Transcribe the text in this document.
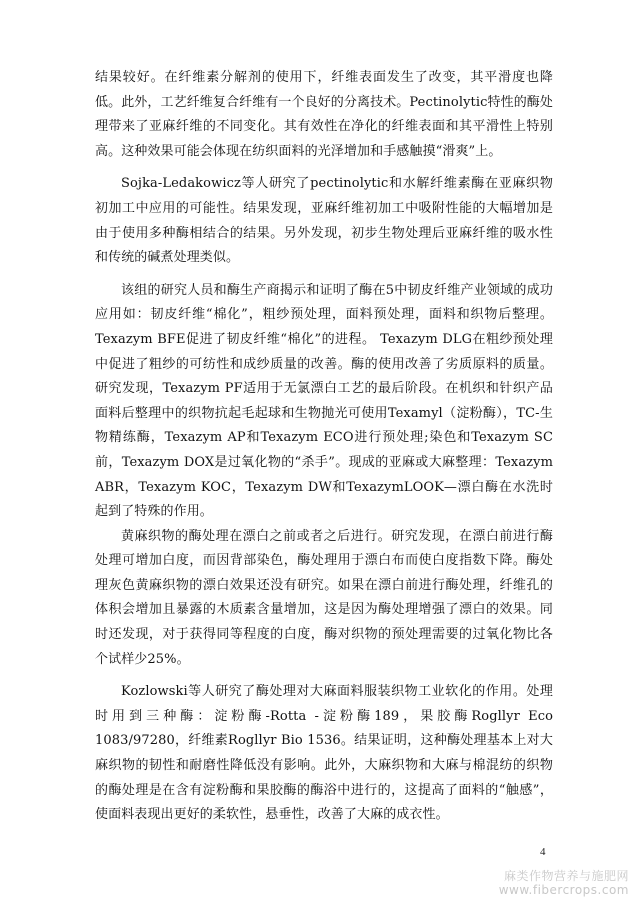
结果较好。在纤维素分解剂的使用下，纤维表面发生了改变，其平滑度也降低。此外，工艺纤维复合纤维有一个良好的分离技术。Pectinolytic特性的酶处理带来了亚麻纤维的不同变化。其有效性在净化的纤维表面和其平滑性上特别高。这种效果可能会体现在纺织面料的光泽增加和手感触摸“滑爽”上。

Sojka-Ledakowicz等人研究了pectinolytic和水解纤维素酶在亚麻织物初加工中应用的可能性。结果发现，亚麻纤维初加工中吸附性能的大幅增加是由于使用多种酶相结合的结果。另外发现，初步生物处理后亚麻纤维的吸水性和传统的碱煮处理类似。

该组的研究人员和酶生产商揭示和证明了酶在5中韧皮纤维产业领域的成功应用如：韧皮纤维“棉化”，粗纱预处理，面料预处理，面料和织物后整理。Texazym BFE促进了韧皮纤维“棉化”的进程。 Texazym DLG在粗纱预处理中促进了粗纱的可纺性和成纱质量的改善。酶的使用改善了劣质原料的质量。研究发现，Texazym PF适用于无氯漂白工艺的最后阶段。在机织和针织产品面料后整理中的织物抗起毛起球和生物抛光可使用Texamyl（淀粉酶），TC-生物精练酶，Texazym AP和Texazym ECO进行预处理;染色和Texazym SC前，Texazym DOX是过氧化物的“杀手”。现成的亚麻或大麻整理：Texazym ABR，Texazym KOC，Texazym DW和TexazymLOOK—漂白酶在水洗时起到了特殊的作用。

黄麻织物的酶处理在漂白之前或者之后进行。研究发现，在漂白前进行酶处理可增加白度，而因背部染色，酶处理用于漂白布而使白度指数下降。酶处理灰色黄麻织物的漂白效果还没有研究。如果在漂白前进行酶处理，纤维孔的体积会增加且暴露的木质素含量增加，这是因为酶处理增强了漂白的效果。同时还发现，对于获得同等程度的白度，酶对织物的预处理需要的过氧化物比各个试样少25%。

Kozlowski等人研究了酶处理对大麻面料服装织物工业软化的作用。处理时用到三种酶：淀粉酶-Rotta -淀粉酶189，果胶酶Rogllyr Eco 1083/97280，纤维素Rogllyr Bio 1536。结果证明，这种酶处理基本上对大麻织物的韧性和耐磨性降低没有影响。此外，大麻织物和大麻与棉混纺的织物的酶处理是在含有淀粉酶和果胶酶的酶浴中进行的，这提高了面料的“触感”，使面料表现出更好的柔软性，悬垂性，改善了大麻的成衣性。

4
麻类作物营养与施肥网
www.fibercrops.com
